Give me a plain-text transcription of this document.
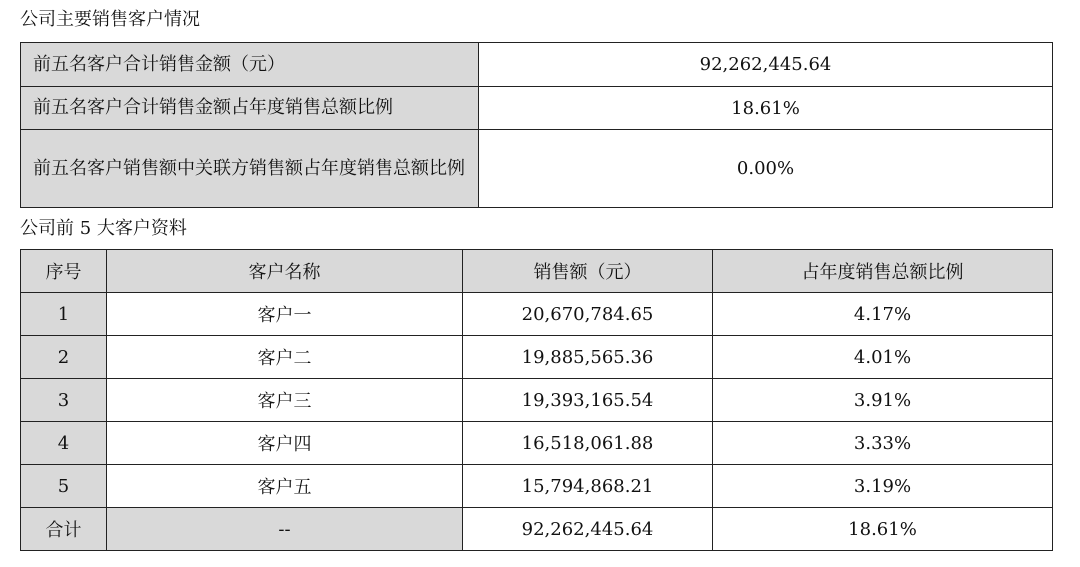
公司主要销售客户情况
前五名客户合计销售金额（元）	92,262,445.64
前五名客户合计销售金额占年度销售总额比例	18.61%
前五名客户销售额中关联方销售额占年度销售总额比例	0.00%
公司前 5 大客户资料
序号	客户名称	销售额（元）	占年度销售总额比例
1	客户一	20,670,784.65	4.17%
2	客户二	19,885,565.36	4.01%
3	客户三	19,393,165.54	3.91%
4	客户四	16,518,061.88	3.33%
5	客户五	15,794,868.21	3.19%
合计	--	92,262,445.64	18.61%
